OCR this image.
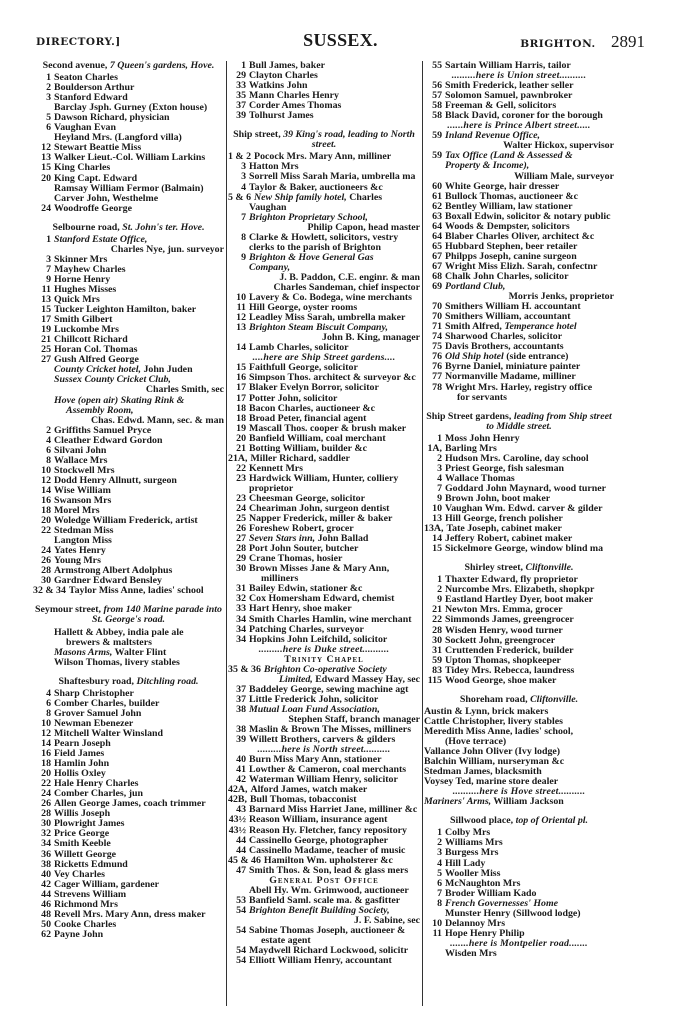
DIRECTORY.]	SUSSEX.	BRIGHTON. 2891
Second avenue, 7 Queen's gardens, Hove.
1 Seaton Charles
2 Boulderson Arthur
3 Stanford Edward
Barclay Jsph. Gurney (Exton house)
5 Dawson Richard, physician
6 Vaughan Evan
Heyland Mrs. (Langford villa)
12 Stewart Beattie Miss
13 Walker Lieut.-Col. William Larkins
15 King Charles
20 King Capt. Edward
Ramsay William Fermor (Balmain)
Carver John, Westhelme
24 Woodroffe George
Selbourne road, St. John's ter. Hove.
1 Stanford Estate Office,
Charles Nye, jun. surveyor
3 Skinner Mrs
7 Mayhew Charles
9 Horne Henry
11 Hughes Misses
13 Quick Mrs
15 Tucker Leighton Hamilton, baker
17 Smith Gilbert
19 Luckombe Mrs
21 Chillcott Richard
25 Horan Col. Thomas
27 Gush Alfred George
County Cricket hotel, John Juden
Sussex County Cricket Club,
Charles Smith, sec
Hove (open air) Skating Rink &
Assembly Room,
Chas. Edwd. Mann, sec. & man
2 Griffiths Samuel Pryce
4 Cleather Edward Gordon
6 Silvani John
8 Wallace Mrs
10 Stockwell Mrs
12 Dodd Henry Allnutt, surgeon
14 Wise William
16 Swanson Mrs
18 Morel Mrs
20 Woledge William Frederick, artist
22 Stedman Miss
Langton Miss
24 Yates Henry
26 Young Mrs
28 Armstrong Albert Adolphus
30 Gardner Edward Bensley
32 & 34 Taylor Miss Anne, ladies' school
Seymour street, from 140 Marine parade into St. George's road.
Hallett & Abbey, india pale ale
brewers & maltsters
Masons Arms, Walter Flint
Wilson Thomas, livery stables
Shaftesbury road, Ditchling road.
4 Sharp Christopher
6 Comber Charles, builder
8 Grover Samuel John
10 Newman Ebenezer
12 Mitchell Walter Winsland
14 Pearn Joseph
16 Field James
18 Hamlin John
20 Hollis Oxley
22 Hale Henry Charles
24 Comber Charles, jun
26 Allen George James, coach trimmer
28 Willis Joseph
30 Plowright James
32 Price George
34 Smith Keeble
36 Willett George
38 Ricketts Edmund
40 Vey Charles
42 Cager William, gardener
44 Strevens William
46 Richmond Mrs
48 Revell Mrs. Mary Ann, dress maker
50 Cooke Charles
62 Payne John
1 Bull James, baker
29 Clayton Charles
33 Watkins John
35 Mann Charles Henry
37 Corder Ames Thomas
39 Tolhurst James
Ship street, 39 King's road, leading to North street.
1 & 2 Pocock Mrs. Mary Ann, milliner
3 Hatton Mrs
3 Sorrell Miss Sarah Maria, umbrella ma
4 Taylor & Baker, auctioneers &c
5 & 6 New Ship family hotel, Charles
Vaughan
7 Brighton Proprietary School,
Philip Capon, head master
8 Clarke & Howlett, solicitors, vestry
clerks to the parish of Brighton
9 Brighton & Hove General Gas
Company,
J. B. Paddon, C.E. enginr. & man
Charles Sandeman, chief inspector
10 Lavery & Co. Bodega, wine merchants
11 Hill George, oyster rooms
12 Leadley Miss Sarah, umbrella maker
13 Brighton Steam Biscuit Company,
John B. King, manager
14 Lamb Charles, solicitor
....here are Ship Street gardens....
15 Faithfull George, solicitor
16 Simpson Thos. architect & surveyor &c
17 Blaker Evelyn Borror, solicitor
17 Potter John, solicitor
18 Bacon Charles, auctioneer &c
18 Broad Peter, financial agent
19 Mascall Thos. cooper & brush maker
20 Banfield William, coal merchant
21 Botting William, builder &c
21A, Miller Richard, saddler
22 Kennett Mrs
23 Hardwick William, Hunter, colliery
proprietor
23 Cheesman George, solicitor
24 Cheariman John, surgeon dentist
25 Napper Frederick, miller & baker
26 Foreshew Robert, grocer
27 Seven Stars inn, John Ballad
28 Port John Souter, butcher
29 Crane Thomas, hosier
30 Brown Misses Jane & Mary Ann,
milliners
31 Bailey Edwin, stationer &c
32 Cox Homersham Edward, chemist
33 Hart Henry, shoe maker
34 Smith Charles Hamlin, wine merchant
34 Patching Charles, surveyor
34 Hopkins John Leifchild, solicitor
.........here is Duke street..........
Trinity Chapel
35 & 36 Brighton Co-operative Society
Limited, Edward Massey Hay, sec
37 Baddeley George, sewing machine agt
37 Little Frederick John, solicitor
38 Mutual Loan Fund Association,
Stephen Staff, branch manager
38 Maslin & Brown The Misses, milliners
39 Willett Brothers, carvers & gilders
.........here is North street..........
40 Burn Miss Mary Ann, stationer
41 Lowther & Cameron, coal merchants
42 Waterman William Henry, solicitor
42A, Alford James, watch maker
42B, Bull Thomas, tobacconist
43 Barnard Miss Harriet Jane, milliner &c
43½ Reason William, insurance agent
43½ Reason Hy. Fletcher, fancy repository
44 Cassinello George, photographer
44 Cassinello Madame, teacher of music
45 & 46 Hamilton Wm. upholsterer &c
47 Smith Thos. & Son, lead & glass mers
General Post Office
Abell Hy. Wm. Grimwood, auctioneer
53 Banfield Saml. scale ma. & gasfitter
54 Brighton Benefit Building Society,
J. F. Sabine, sec
54 Sabine Thomas Joseph, auctioneer &
estate agent
54 Maydwell Richard Lockwood, solicitr
54 Elliott William Henry, accountant
55 Sartain William Harris, tailor
.........here is Union street..........
56 Smith Frederick, leather seller
57 Solomon Samuel, pawnbroker
58 Freeman & Gell, solicitors
58 Black David, coroner for the borough
......here is Prince Albert street.....
59 Inland Revenue Office,
Walter Hickox, supervisor
59 Tax Office (Land & Assessed &
Property & Income),
William Male, surveyor
60 White George, hair dresser
61 Bullock Thomas, auctioneer &c
62 Bentley William, law stationer
63 Boxall Edwin, solicitor & notary public
64 Woods & Dempster, solicitors
64 Blaber Charles Oliver, architect &c
65 Hubbard Stephen, beer retailer
67 Philpps Joseph, canine surgeon
67 Wright Miss Elizh. Sarah, confectnr
68 Chalk John Charles, solicitor
69 Portland Club,
Morris Jenks, proprietor
70 Smithers William H. accountant
70 Smithers William, accountant
71 Smith Alfred, Temperance hotel
74 Sharwood Charles, solicitor
75 Davis Brothers, accountants
76 Old Ship hotel (side entrance)
76 Byrne Daniel, miniature painter
77 Normanville Madame, milliner
78 Wright Mrs. Harley, registry office
for servants
Ship Street gardens, leading from Ship street to Middle street.
1 Moss John Henry
1A, Barling Mrs
2 Hudson Mrs. Caroline, day school
3 Priest George, fish salesman
4 Wallace Thomas
7 Goddard John Maynard, wood turner
9 Brown John, boot maker
10 Vaughan Wm. Edwd. carver & gilder
13 Hill George, french polisher
13A, Tate Joseph, cabinet maker
14 Jeffery Robert, cabinet maker
15 Sickelmore George, window blind ma
Shirley street, Cliftonville.
1 Thaxter Edward, fly proprietor
2 Nurcombe Mrs. Elizabeth, shopkpr
9 Eastland Hartley Dyer, boot maker
21 Newton Mrs. Emma, grocer
22 Simmonds James, greengrocer
28 Wisden Henry, wood turner
30 Sockett John, greengrocer
31 Cruttenden Frederick, builder
59 Upton Thomas, shopkeeper
83 Tidey Mrs. Rebecca, laundress
115 Wood George, shoe maker
Shoreham road, Cliftonville.
Austin & Lynn, brick makers
Cattle Christopher, livery stables
Meredith Miss Anne, ladies' school,
(Hove terrace)
Vallance John Oliver (Ivy lodge)
Balchin William, nurseryman &c
Stedman James, blacksmith
Voysey Ted, marine store dealer
..........here is Hove street..........
Mariners' Arms, William Jackson
Sillwood place, top of Oriental pl.
1 Colby Mrs
2 Williams Mrs
3 Burgess Mrs
4 Hill Lady
5 Wooller Miss
6 McNaughton Mrs
7 Broder William Kado
8 French Governesses' Home
Munster Henry (Sillwood lodge)
10 Delannoy Mrs
11 Hope Henry Philip
.......here is Montpelier road.......
Wisden Mrs
